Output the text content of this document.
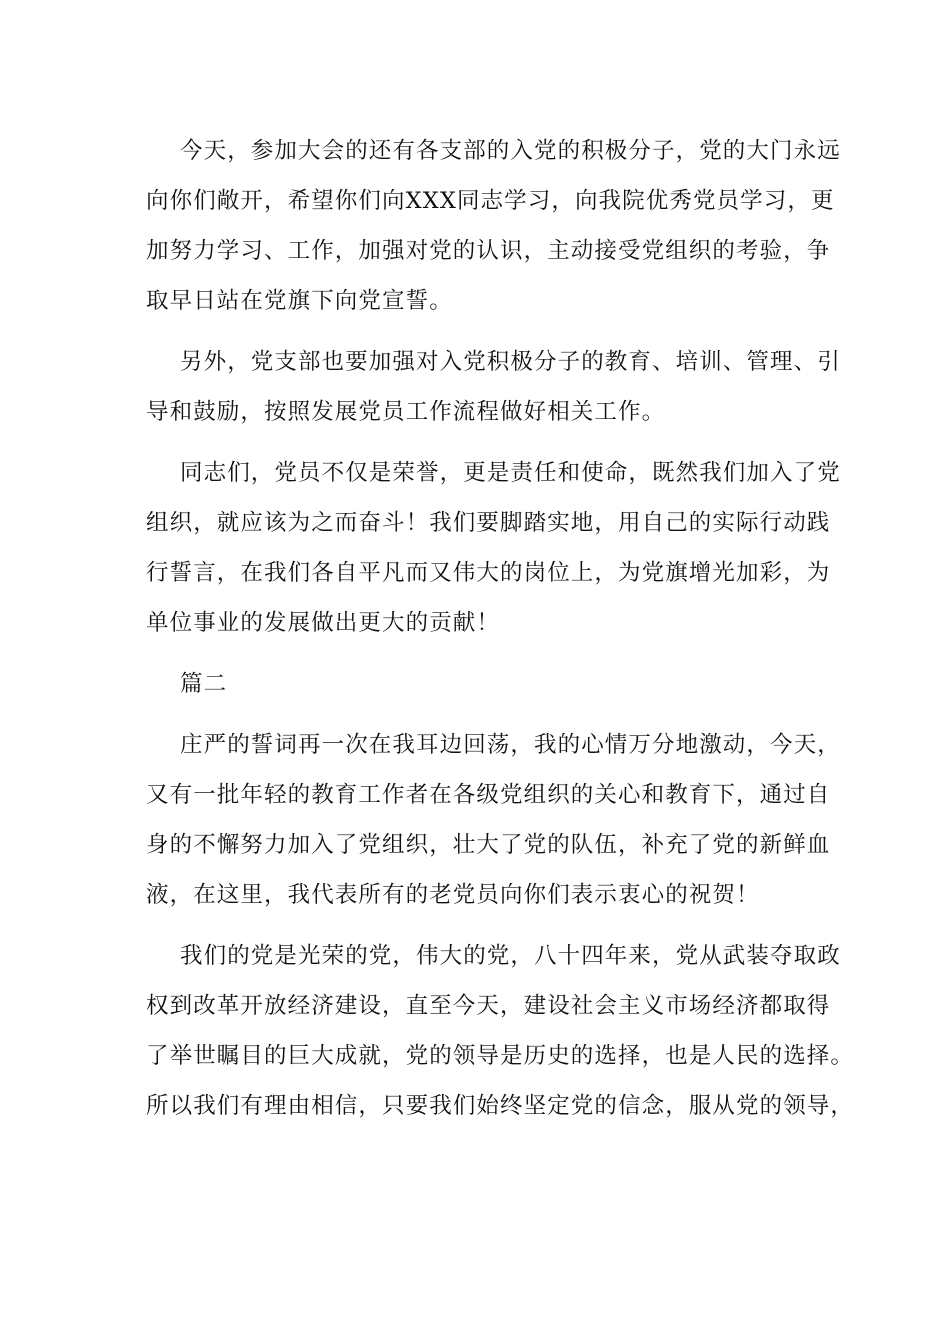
今天，参加大会的还有各支部的入党的积极分子，党的大门永远
向你们敞开，希望你们向XXX同志学习，向我院优秀党员学习，更
加努力学习、工作，加强对党的认识，主动接受党组织的考验，争
取早日站在党旗下向党宣誓。

另外，党支部也要加强对入党积极分子的教育、培训、管理、引
导和鼓励，按照发展党员工作流程做好相关工作。

同志们，党员不仅是荣誉，更是责任和使命，既然我们加入了党
组织，就应该为之而奋斗！我们要脚踏实地，用自己的实际行动践
行誓言，在我们各自平凡而又伟大的岗位上，为党旗增光加彩，为
单位事业的发展做出更大的贡献！

篇二

庄严的誓词再一次在我耳边回荡，我的心情万分地激动，今天，
又有一批年轻的教育工作者在各级党组织的关心和教育下，通过自
身的不懈努力加入了党组织，壮大了党的队伍，补充了党的新鲜血
液，在这里，我代表所有的老党员向你们表示衷心的祝贺！

我们的党是光荣的党，伟大的党，八十四年来，党从武装夺取政
权到改革开放经济建设，直至今天，建设社会主义市场经济都取得
了举世瞩目的巨大成就，党的领导是历史的选择，也是人民的选择。
所以我们有理由相信，只要我们始终坚定党的信念，服从党的领导，
